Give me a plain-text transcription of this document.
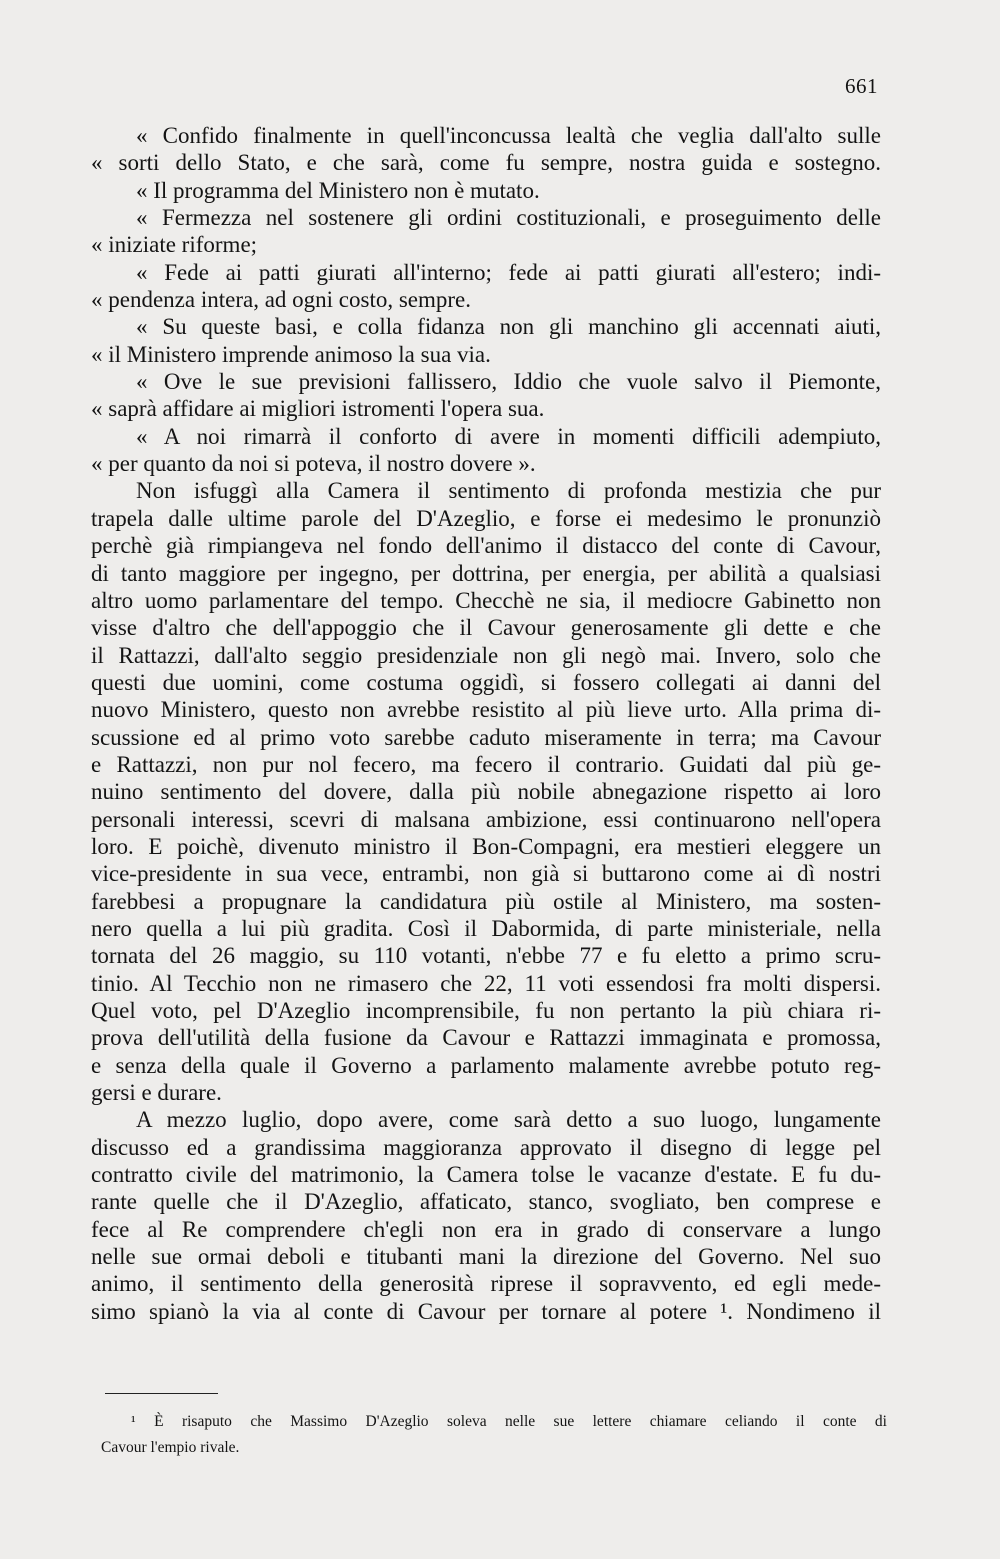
661
« Confido finalmente in quell'inconcussa lealtà che veglia dall'alto sulle
« sorti dello Stato, e che sarà, come fu sempre, nostra guida e sostegno.
« Il programma del Ministero non è mutato.
« Fermezza nel sostenere gli ordini costituzionali, e proseguimento delle
« iniziate riforme;
« Fede ai patti giurati all'interno; fede ai patti giurati all'estero; indi-
« pendenza intera, ad ogni costo, sempre.
« Su queste basi, e colla fidanza non gli manchino gli accennati aiuti,
« il Ministero imprende animoso la sua via.
« Ove le sue previsioni fallissero, Iddio che vuole salvo il Piemonte,
« saprà affidare ai migliori istromenti l'opera sua.
« A noi rimarrà il conforto di avere in momenti difficili adempiuto,
« per quanto da noi si poteva, il nostro dovere ».
Non isfuggì alla Camera il sentimento di profonda mestizia che pur
trapela dalle ultime parole del D'Azeglio, e forse ei medesimo le pronunziò
perchè già rimpiangeva nel fondo dell'animo il distacco del conte di Cavour,
di tanto maggiore per ingegno, per dottrina, per energia, per abilità a qualsiasi
altro uomo parlamentare del tempo. Checchè ne sia, il mediocre Gabinetto non
visse d'altro che dell'appoggio che il Cavour generosamente gli dette e che
il Rattazzi, dall'alto seggio presidenziale non gli negò mai. Invero, solo che
questi due uomini, come costuma oggidì, si fossero collegati ai danni del
nuovo Ministero, questo non avrebbe resistito al più lieve urto. Alla prima di-
scussione ed al primo voto sarebbe caduto miseramente in terra; ma Cavour
e Rattazzi, non pur nol fecero, ma fecero il contrario. Guidati dal più ge-
nuino sentimento del dovere, dalla più nobile abnegazione rispetto ai loro
personali interessi, scevri di malsana ambizione, essi continuarono nell'opera
loro. E poichè, divenuto ministro il Bon-Compagni, era mestieri eleggere un
vice-presidente in sua vece, entrambi, non già si buttarono come ai dì nostri
farebbesi a propugnare la candidatura più ostile al Ministero, ma sosten-
nero quella a lui più gradita. Così il Dabormida, di parte ministeriale, nella
tornata del 26 maggio, su 110 votanti, n'ebbe 77 e fu eletto a primo scru-
tinio. Al Tecchio non ne rimasero che 22, 11 voti essendosi fra molti dispersi.
Quel voto, pel D'Azeglio incomprensibile, fu non pertanto la più chiara ri-
prova dell'utilità della fusione da Cavour e Rattazzi immaginata e promossa,
e senza della quale il Governo a parlamento malamente avrebbe potuto reg-
gersi e durare.
A mezzo luglio, dopo avere, come sarà detto a suo luogo, lungamente
discusso ed a grandissima maggioranza approvato il disegno di legge pel
contratto civile del matrimonio, la Camera tolse le vacanze d'estate. E fu du-
rante quelle che il D'Azeglio, affaticato, stanco, svogliato, ben comprese e
fece al Re comprendere ch'egli non era in grado di conservare a lungo
nelle sue ormai deboli e titubanti mani la direzione del Governo. Nel suo
animo, il sentimento della generosità riprese il sopravvento, ed egli mede-
simo spianò la via al conte di Cavour per tornare al potere ¹. Nondimeno il
¹ È risaputo che Massimo D'Azeglio soleva nelle sue lettere chiamare celiando il conte di
Cavour l'empio rivale.
